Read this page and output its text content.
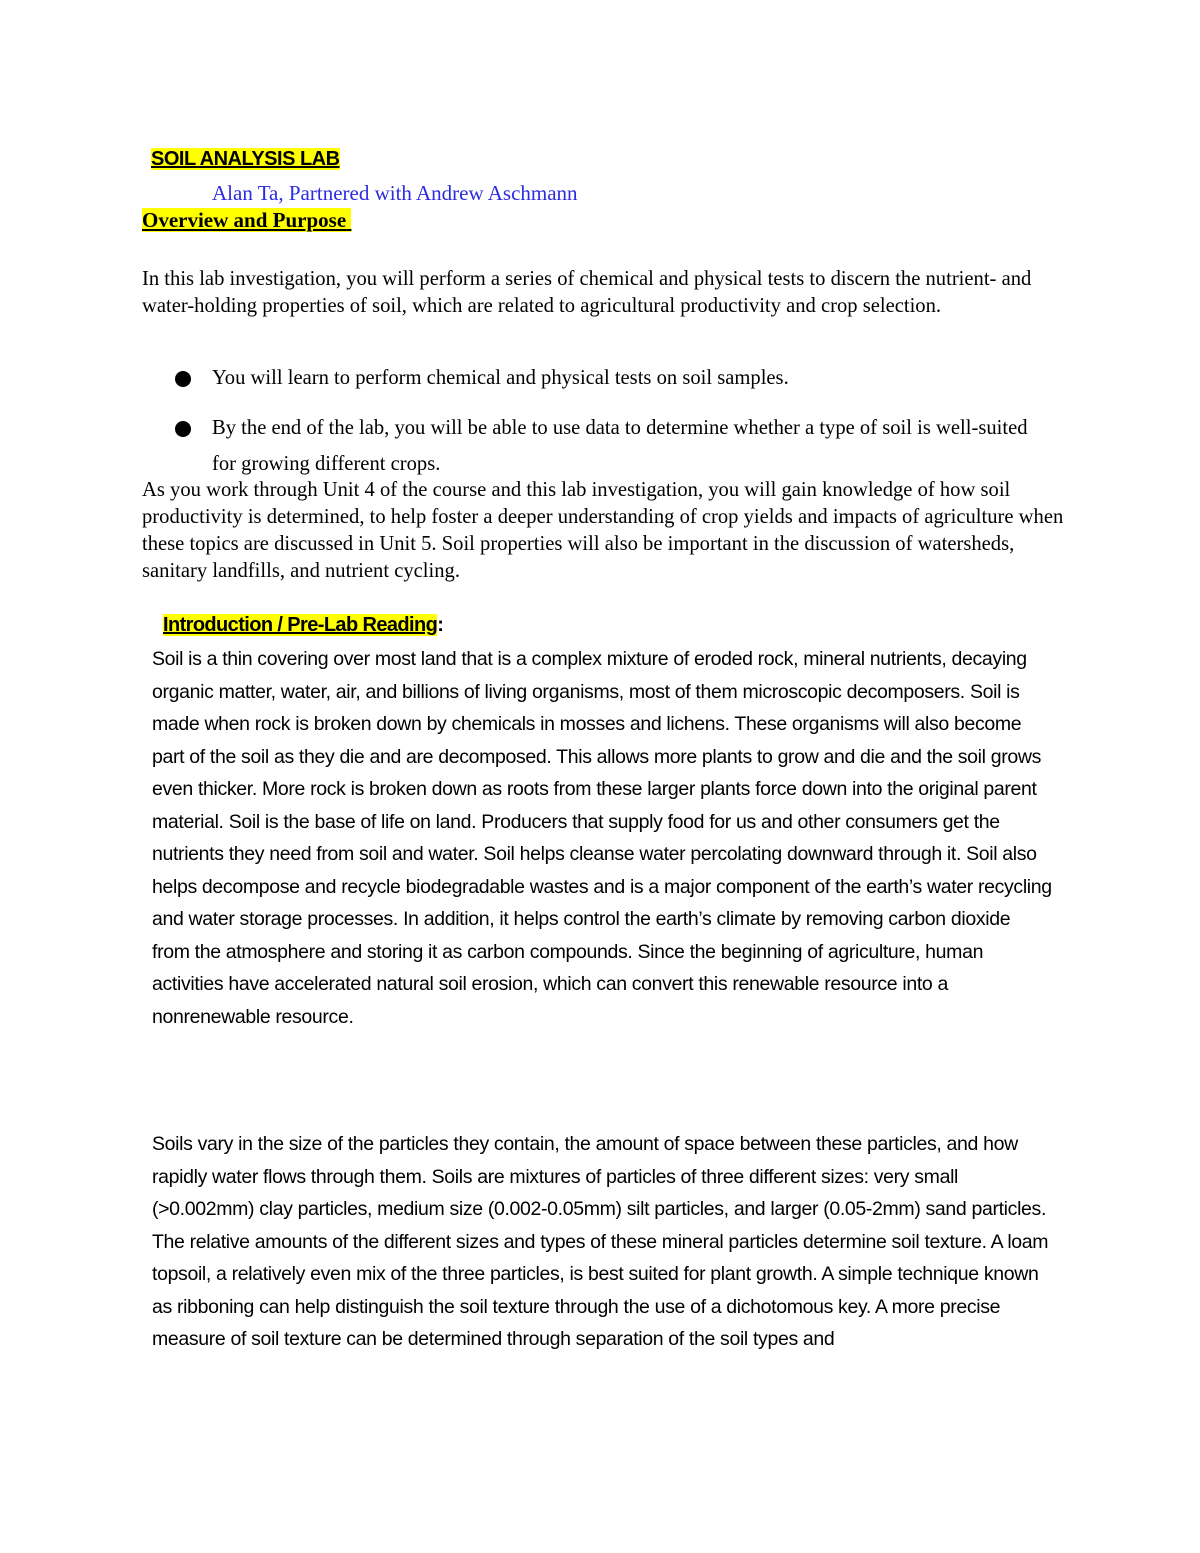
SOIL ANALYSIS LAB

Alan Ta, Partnered with Andrew Aschmann

Overview and Purpose

In this lab investigation, you will perform a series of chemical and physical tests to discern the nutrient- and water-holding properties of soil, which are related to agricultural productivity and crop selection.

You will learn to perform chemical and physical tests on soil samples.
By the end of the lab, you will be able to use data to determine whether a type of soil is well-suited for growing different crops.

As you work through Unit 4 of the course and this lab investigation, you will gain knowledge of how soil productivity is determined, to help foster a deeper understanding of crop yields and impacts of agriculture when these topics are discussed in Unit 5. Soil properties will also be important in the discussion of watersheds, sanitary landfills, and nutrient cycling.

Introduction / Pre-Lab Reading:

Soil is a thin covering over most land that is a complex mixture of eroded rock, mineral nutrients, decaying organic matter, water, air, and billions of living organisms, most of them microscopic decomposers. Soil is made when rock is broken down by chemicals in mosses and lichens. These organisms will also become part of the soil as they die and are decomposed. This allows more plants to grow and die and the soil grows even thicker. More rock is broken down as roots from these larger plants force down into the original parent material. Soil is the base of life on land. Producers that supply food for us and other consumers get the nutrients they need from soil and water. Soil helps cleanse water percolating downward through it. Soil also helps decompose and recycle biodegradable wastes and is a major component of the earth’s water recycling and water storage processes. In addition, it helps control the earth’s climate by removing carbon dioxide from the atmosphere and storing it as carbon compounds. Since the beginning of agriculture, human activities have accelerated natural soil erosion, which can convert this renewable resource into a nonrenewable resource.

Soils vary in the size of the particles they contain, the amount of space between these particles, and how rapidly water flows through them. Soils are mixtures of particles of three different sizes: very small (>0.002mm) clay particles, medium size (0.002-0.05mm) silt particles, and larger (0.05-2mm) sand particles. The relative amounts of the different sizes and types of these mineral particles determine soil texture. A loam topsoil, a relatively even mix of the three particles, is best suited for plant growth. A simple technique known as ribboning can help distinguish the soil texture through the use of a dichotomous key. A more precise measure of soil texture can be determined through separation of the soil types and
